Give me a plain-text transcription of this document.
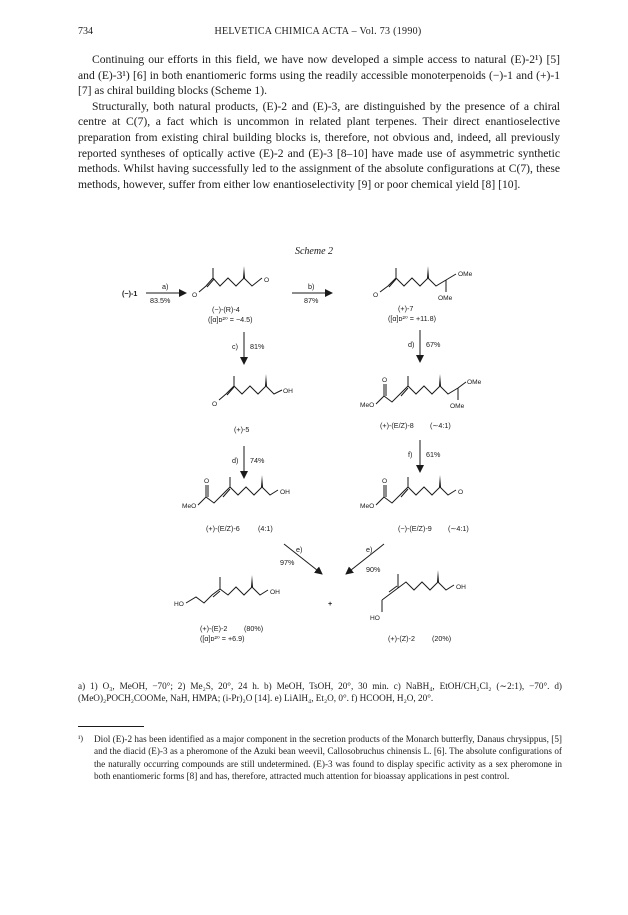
734	HELVETICA CHIMICA ACTA – Vol. 73 (1990)

Continuing our efforts in this field, we have now developed a simple access to natural (E)-2¹) [5] and (E)-3¹) [6] in both enantiomeric forms using the readily accessible monoterpenoids (−)-1 and (+)-1 [7] as chiral building blocks (Scheme 1).

Structurally, both natural products, (E)-2 and (E)-3, are distinguished by the presence of a chiral centre at C(7), a fact which is uncommon in related plant terpenes. Their direct enantioselective preparation from existing chiral building blocks is, therefore, not obvious and, indeed, all previously reported syntheses of optically active (E)-2 and (E)-3 [8–10] have made use of asymmetric synthetic methods. Whilst having successfully led to the assignment of the absolute configurations at C(7), these methods, however, suffer from either low enantioselectivity [9] or poor chemical yield [8] [10].

Scheme 2
(−)-1
a)
83.5%
O
O
(−)-(R)-4
([α]ᴅ²⁰ = −4.5)
b)
87%
O
OMe
OMe
(+)-7
([α]ᴅ²⁰ = +11.8)
c) 81%	d) 67%
O
OH
(+)-5
MeO
O	OMe
OMe
(+)-(E/Z)-8 (∼4:1)
d) 74%
f) 61%
MeO
O
OH
(+)-(E/Z)-6	(4:1)
MeO
O
O
(−)-(E/Z)-9 (∼4:1)
e)
97%
e)
90%
HO
OH
(+)-(E)-2 (80%)
([α]ᴅ²⁰ = +6.9)
+
HO
OH
(+)-(Z)-2 (20%)
a) 1) O₃, MeOH, −70°; 2) Me₂S, 20°, 24 h. b) MeOH, TsOH, 20°, 30 min. c) NaBH₄, EtOH/CH₂Cl₂ (∼2:1), −70°. d) (MeO)₂POCH₂COOMe, NaH, HMPA; (i-Pr)₂O [14]. e) LiAlH₄, Et₂O, 0°. f) HCOOH, H₂O, 20°.
¹) Diol (E)-2 has been identified as a major component in the secretion products of the Monarch butterfly, Danaus chrysippus, [5] and the diacid (E)-3 as a pheromone of the Azuki bean weevil, Callosobruchus chinensis L. [6]. The absolute configurations of the naturally occurring compounds are still undetermined. (E)-3 was found to display specific activity as a sex pheromone in both enantiomeric forms [8] and has, therefore, attracted much attention for bioassay applications in pest control.
